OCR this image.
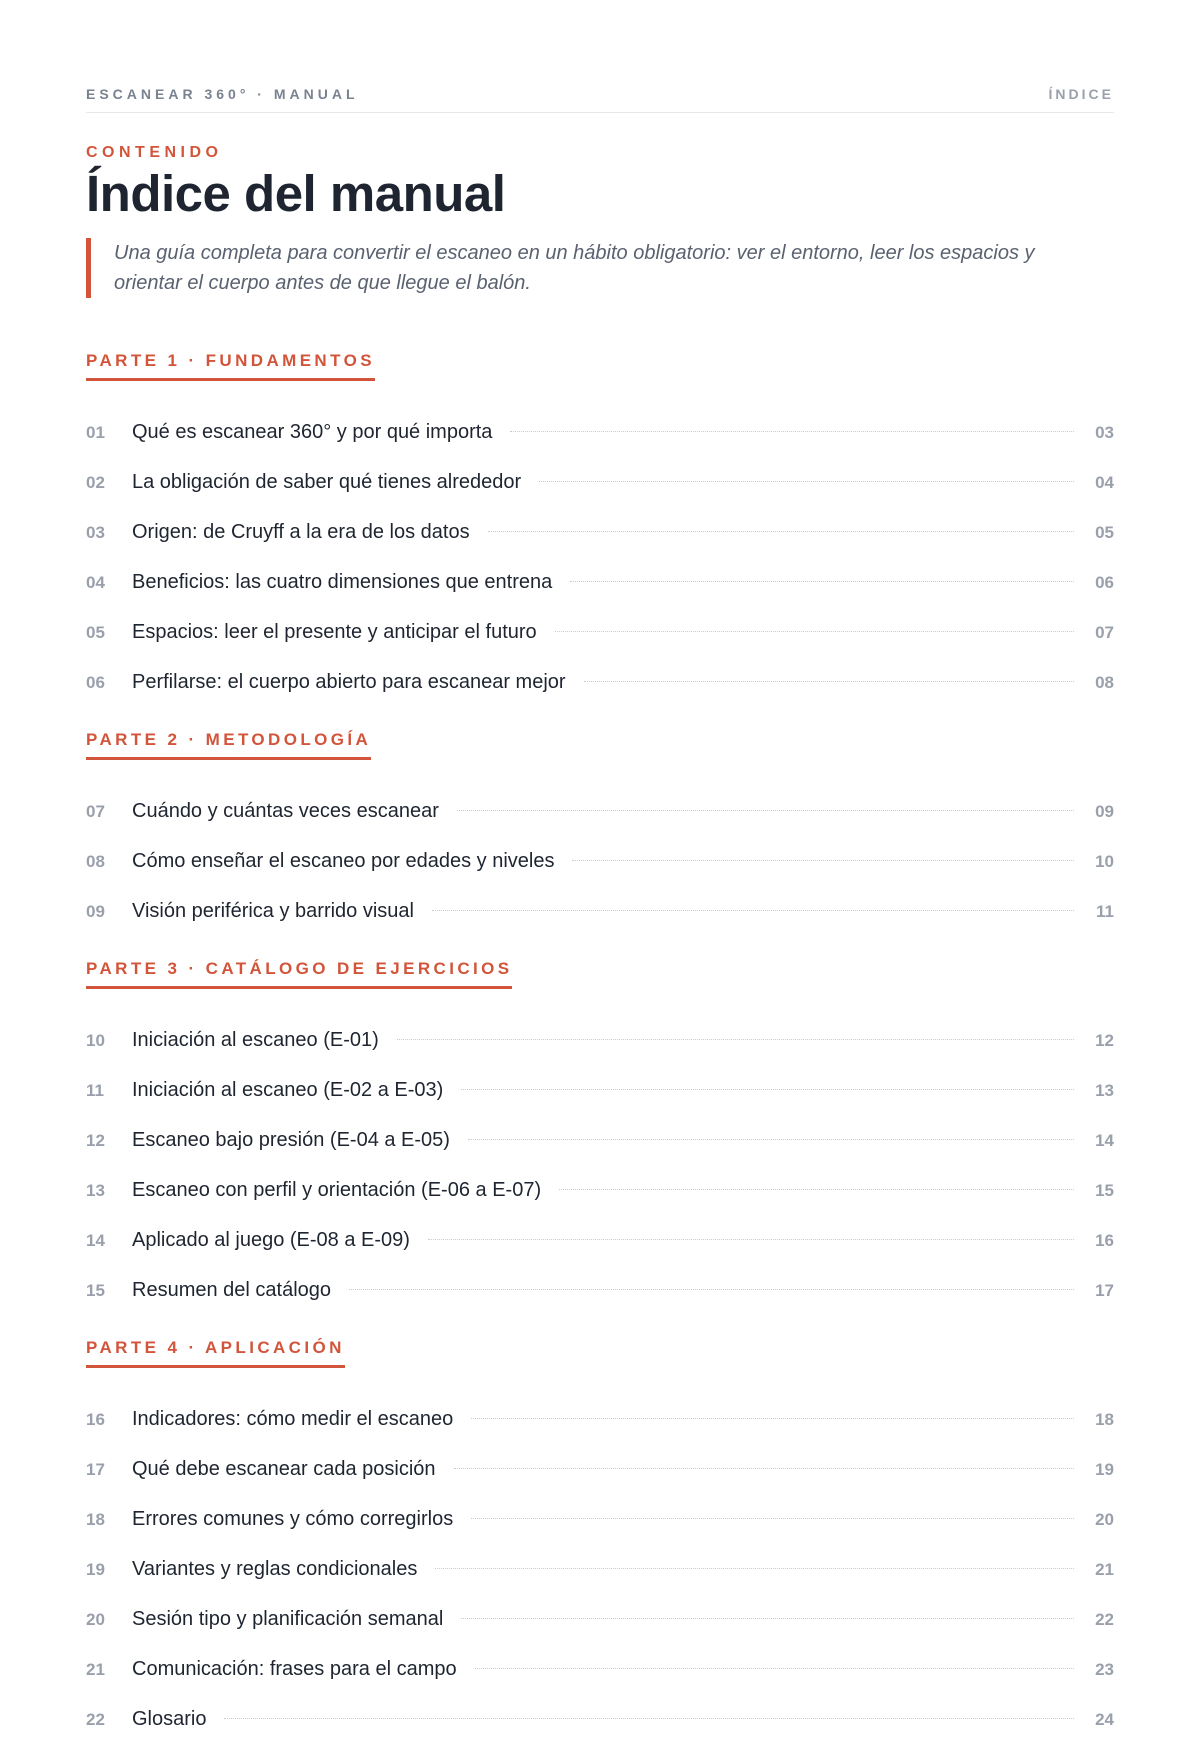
ESCANEAR 360° · MANUAL	ÍNDICE
CONTENIDO
Índice del manual
Una guía completa para convertir el escaneo en un hábito obligatorio: ver el entorno, leer los espacios y orientar el cuerpo antes de que llegue el balón.
PARTE 1 · FUNDAMENTOS
01	Qué es escanear 360° y por qué importa	03
02	La obligación de saber qué tienes alrededor	04
03	Origen: de Cruyff a la era de los datos	05
04	Beneficios: las cuatro dimensiones que entrena	06
05	Espacios: leer el presente y anticipar el futuro	07
06	Perfilarse: el cuerpo abierto para escanear mejor	08
PARTE 2 · METODOLOGÍA
07	Cuándo y cuántas veces escanear	09
08	Cómo enseñar el escaneo por edades y niveles	10
09	Visión periférica y barrido visual	11
PARTE 3 · CATÁLOGO DE EJERCICIOS
10	Iniciación al escaneo (E-01)	12
11	Iniciación al escaneo (E-02 a E-03)	13
12	Escaneo bajo presión (E-04 a E-05)	14
13	Escaneo con perfil y orientación (E-06 a E-07)	15
14	Aplicado al juego (E-08 a E-09)	16
15	Resumen del catálogo	17
PARTE 4 · APLICACIÓN
16	Indicadores: cómo medir el escaneo	18
17	Qué debe escanear cada posición	19
18	Errores comunes y cómo corregirlos	20
19	Variantes y reglas condicionales	21
20	Sesión tipo y planificación semanal	22
21	Comunicación: frases para el campo	23
22	Glosario	24
